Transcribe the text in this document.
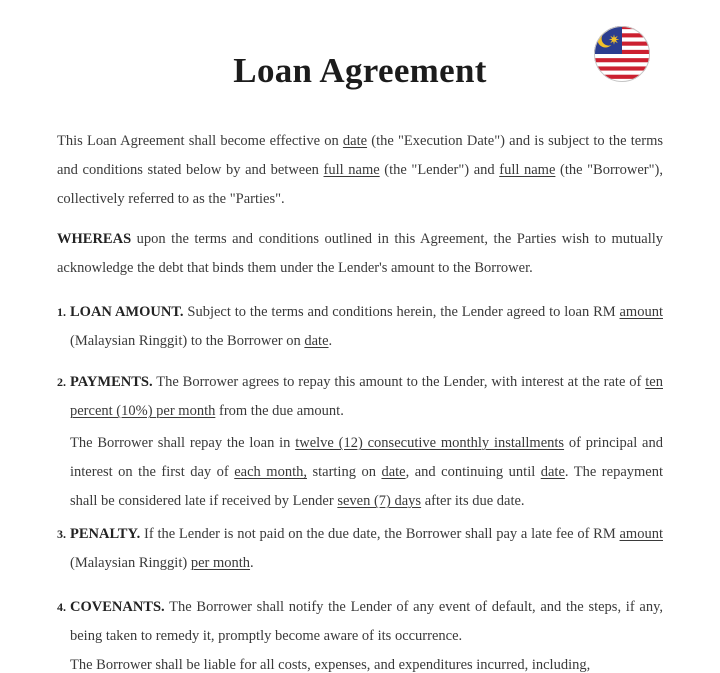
Loan Agreement

This Loan Agreement shall become effective on date (the "Execution Date") and is subject to the terms and conditions stated below by and between full name (the "Lender") and full name (the "Borrower"), collectively referred to as the "Parties".

WHEREAS upon the terms and conditions outlined in this Agreement, the Parties wish to mutually acknowledge the debt that binds them under the Lender's amount to the Borrower.

1. LOAN AMOUNT. Subject to the terms and conditions herein, the Lender agreed to loan RM amount (Malaysian Ringgit) to the Borrower on date.

2. PAYMENTS. The Borrower agrees to repay this amount to the Lender, with interest at the rate of ten percent (10%) per month from the due amount.

The Borrower shall repay the loan in twelve (12) consecutive monthly installments of principal and interest on the first day of each month, starting on date, and continuing until date. The repayment shall be considered late if received by Lender seven (7) days after its due date.

3. PENALTY. If the Lender is not paid on the due date, the Borrower shall pay a late fee of RM amount (Malaysian Ringgit) per month.

4. COVENANTS. The Borrower shall notify the Lender of any event of default, and the steps, if any, being taken to remedy it, promptly become aware of its occurrence.

The Borrower shall be liable for all costs, expenses, and expenditures incurred, including,
